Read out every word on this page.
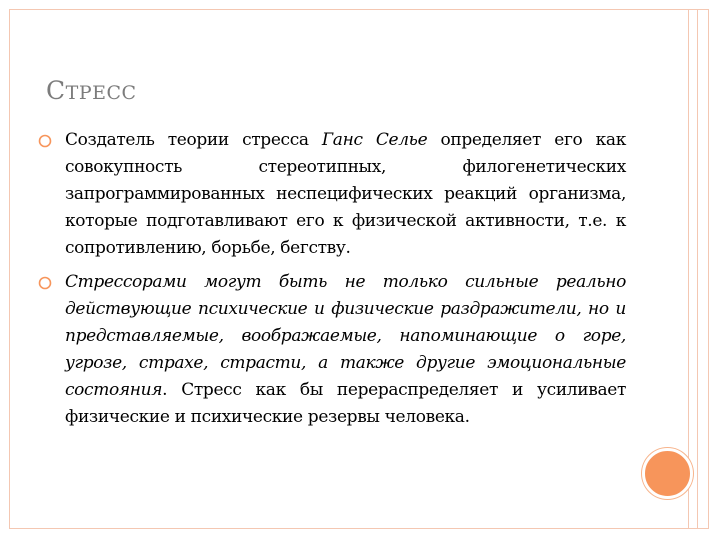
СТРЕСС

Создатель теории стресса Ганс Селье определяет его как совокупность стереотипных, филогенетических запрограммированных неспецифических реакций организма, которые подготавливают его к физической активности, т.е. к сопротивлению, борьбе, бегству.

Стрессорами могут быть не только сильные реально действующие психические и физические раздражители, но и представляемые, воображаемые, напоминающие о горе, угрозе, страхе, страсти, а также другие эмоциональные состояния. Стресс как бы перераспределяет и усиливает физические и психические резервы человека.
